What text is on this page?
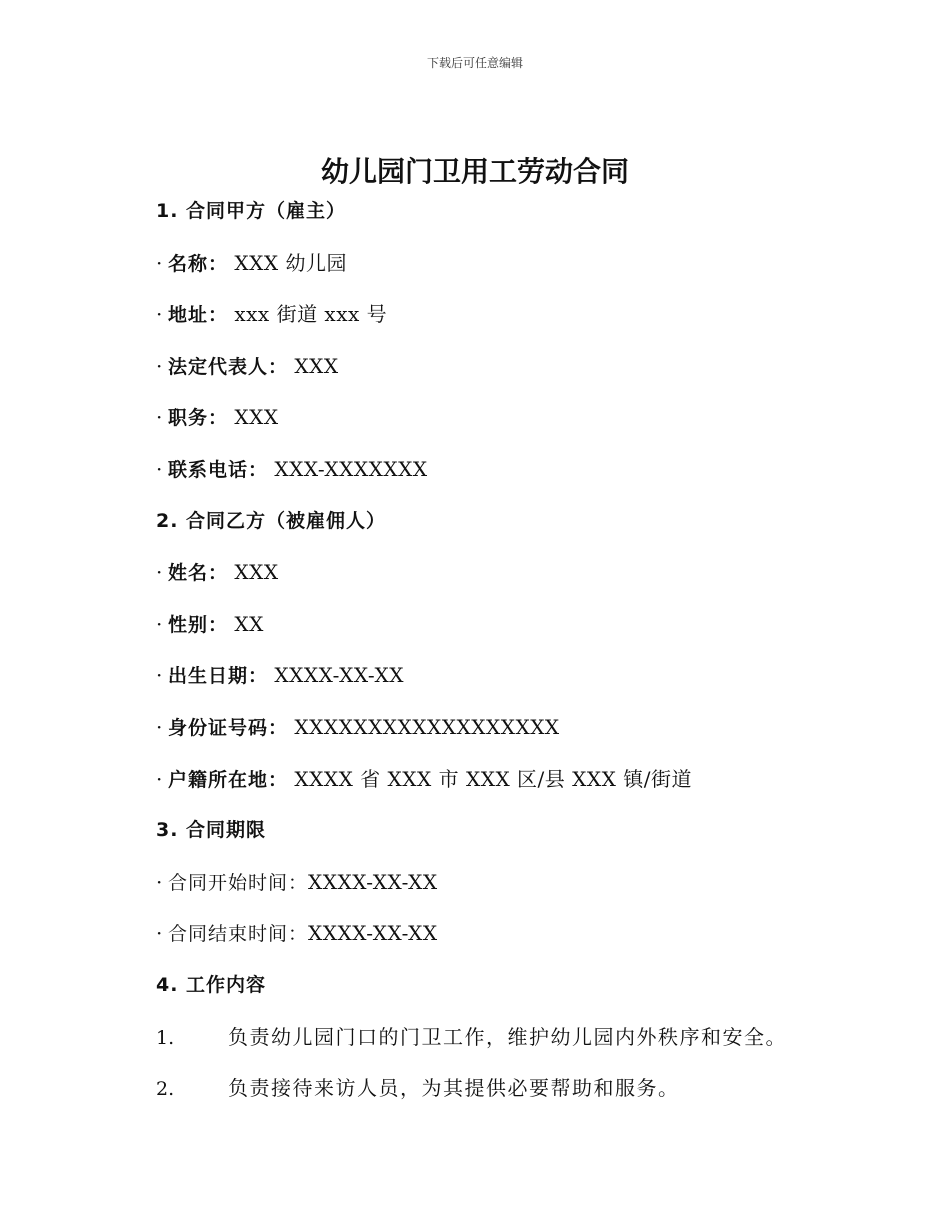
下载后可任意编辑
幼儿园门卫用工劳动合同
1. 合同甲方（雇主）
· 名称： XXX 幼儿园
· 地址： xxx 街道 xxx 号
· 法定代表人： XXX
· 职务： XXX
· 联系电话： XXX-XXXXXXX
2. 合同乙方（被雇佣人）
· 姓名： XXX
· 性别： XX
· 出生日期： XXXX-XX-XX
· 身份证号码： XXXXXXXXXXXXXXXXXX
· 户籍所在地： XXXX 省 XXX 市 XXX 区/县 XXX 镇/街道
3. 合同期限
· 合同开始时间：XXXX-XX-XX
· 合同结束时间：XXXX-XX-XX
4. 工作内容
1.	负责幼儿园门口的门卫工作，维护幼儿园内外秩序和安全。
2.	负责接待来访人员，为其提供必要帮助和服务。
